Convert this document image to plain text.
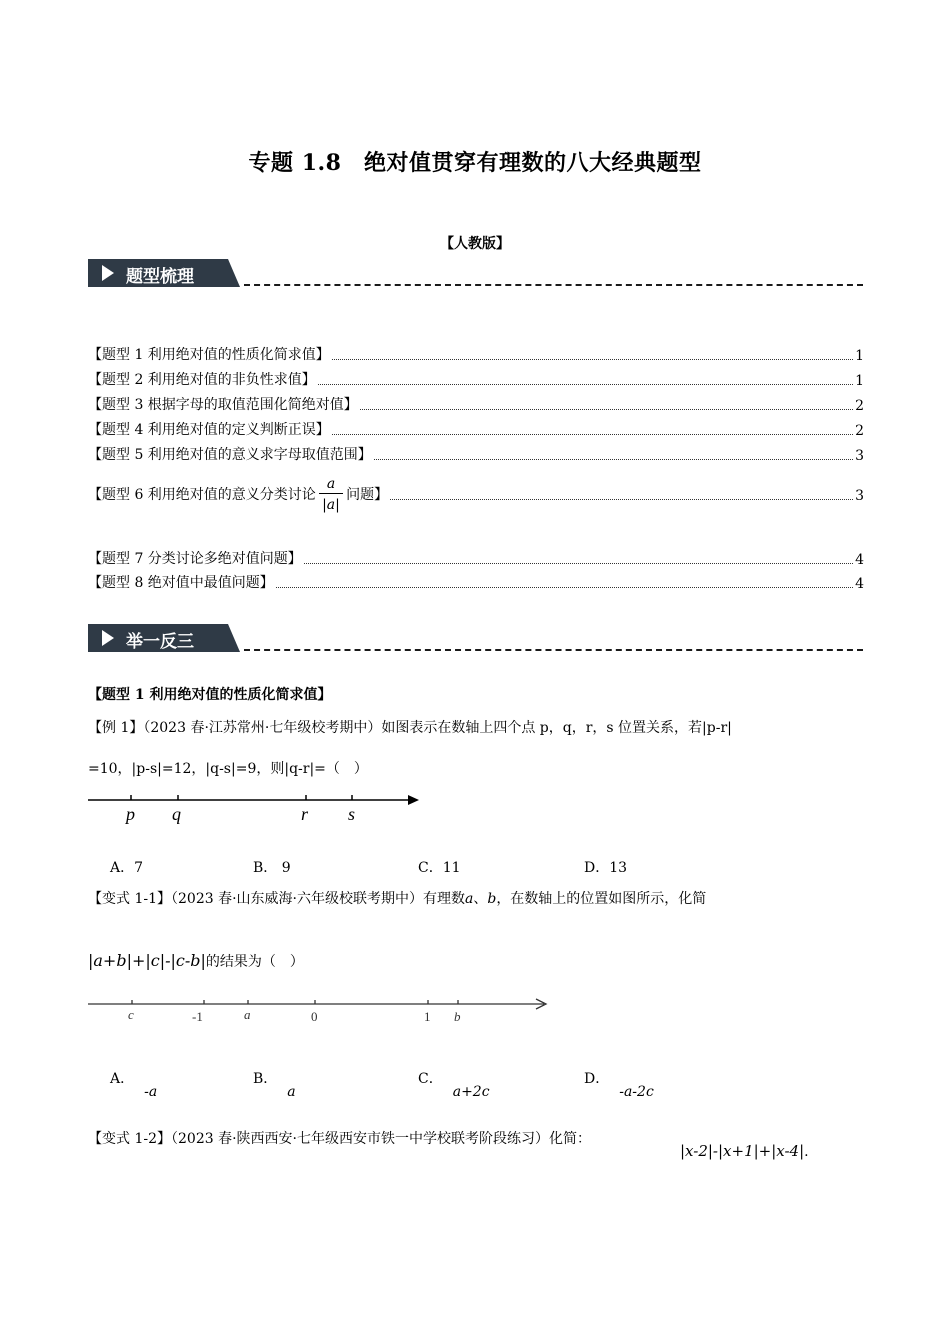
专题 1.8　绝对值贯穿有理数的八大经典题型
【人教版】
题型梳理
【题型 1 利用绝对值的性质化简求值】	1
【题型 2 利用绝对值的非负性求值】	1
【题型 3 根据字母的取值范围化简绝对值】	2
【题型 4 利用绝对值的定义判断正误】	2
【题型 5 利用绝对值的意义求字母取值范围】	3
【题型 6 利用绝对值的意义分类讨论 $\frac{a}{|a|}$ 问题】	3
【题型 7 分类讨论多绝对值问题】	4
【题型 8 绝对值中最值问题】	4
举一反三
【题型 1 利用绝对值的性质化简求值】
【例 1】（2023 春·江苏常州·七年级校考期中）如图表示在数轴上四个点 p，q，r，s 位置关系，若|p-r|
=10，|p-s|=12，|q-s|=9，则|q-r|=（　）
p q	r s
A．7	B． 9	C．11	D．13
【变式 1-1】（2023 春·山东威海·六年级校联考期中）有理数a、b，在数轴上的位置如图所示，化简
|a+b|+|c|-|c-b|的结果为（　）
c	-1	a	0	1 b
A．-a
B．a
C．a+2c
D．-a-2c
【变式 1-2】（2023 春·陕西西安·七年级西安市铁一中学校联考阶段练习）化简：
|x-2|-|x+1|+|x-4|.
